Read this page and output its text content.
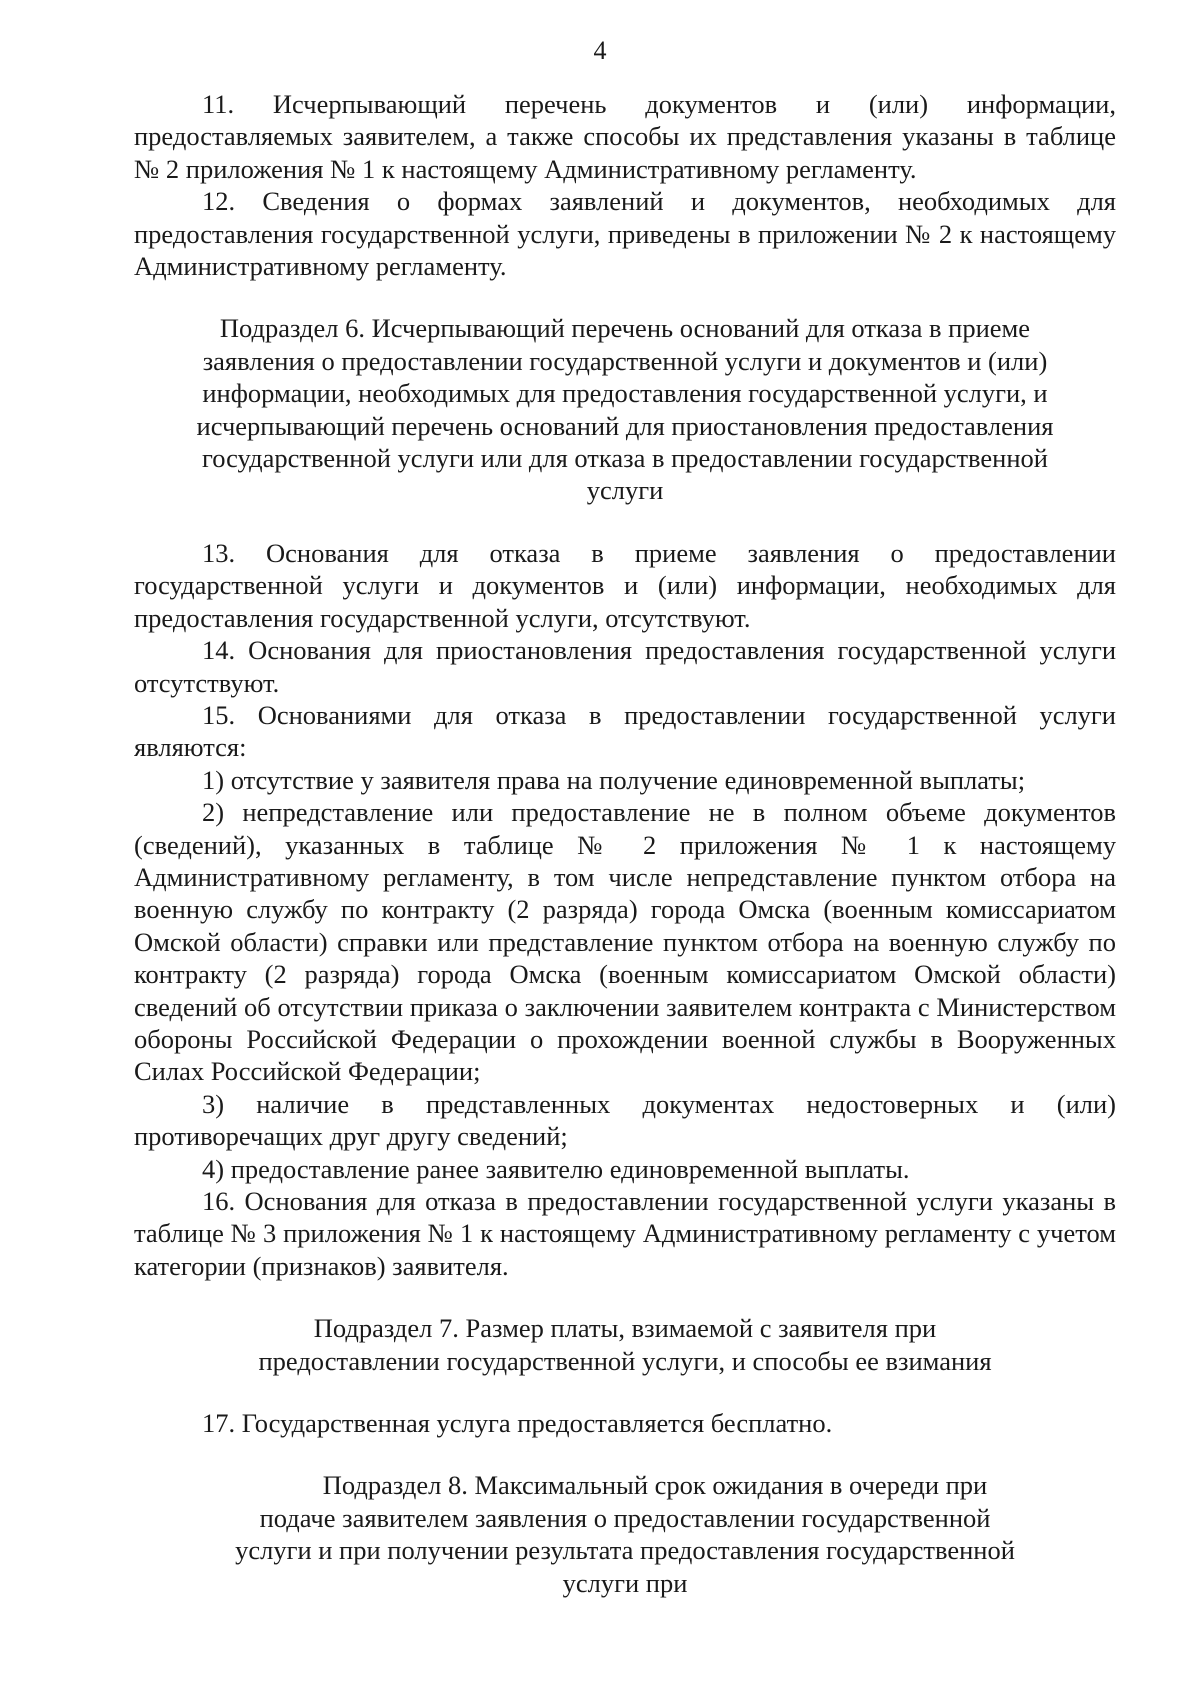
4

11. Исчерпывающий перечень документов и (или) информации, предоставляемых заявителем, а также способы их представления указаны в таблице № 2 приложения № 1 к настоящему Административному регламенту.

12. Сведения о формах заявлений и документов, необходимых для предоставления государственной услуги, приведены в приложении № 2 к настоящему Административному регламенту.

Подраздел 6. Исчерпывающий перечень оснований для отказа в приеме заявления о предоставлении государственной услуги и документов и (или) информации, необходимых для предоставления государственной услуги, и исчерпывающий перечень оснований для приостановления предоставления государственной услуги или для отказа в предоставлении государственной услуги

13. Основания для отказа в приеме заявления о предоставлении государственной услуги и документов и (или) информации, необходимых для предоставления государственной услуги, отсутствуют.

14. Основания для приостановления предоставления государственной услуги отсутствуют.

15. Основаниями для отказа в предоставлении государственной услуги являются:

1) отсутствие у заявителя права на получение единовременной выплаты;

2) непредставление или предоставление не в полном объеме документов (сведений), указанных в таблице № 2 приложения № 1 к настоящему Административному регламенту, в том числе непредставление пунктом отбора на военную службу по контракту (2 разряда) города Омска (военным комиссариатом Омской области) справки или представление пунктом отбора на военную службу по контракту (2 разряда) города Омска (военным комиссариатом Омской области) сведений об отсутствии приказа о заключении заявителем контракта с Министерством обороны Российской Федерации о прохождении военной службы в Вооруженных Силах Российской Федерации;

3) наличие в представленных документах недостоверных и (или) противоречащих друг другу сведений;

4) предоставление ранее заявителю единовременной выплаты.

16. Основания для отказа в предоставлении государственной услуги указаны в таблице № 3 приложения № 1 к настоящему Административному регламенту с учетом категории (признаков) заявителя.

Подраздел 7. Размер платы, взимаемой с заявителя при предоставлении государственной услуги, и способы ее взимания

17. Государственная услуга предоставляется бесплатно.

Подраздел 8. Максимальный срок ожидания в очереди при подаче заявителем заявления о предоставлении государственной услуги и при получении результата предоставления государственной услуги при
